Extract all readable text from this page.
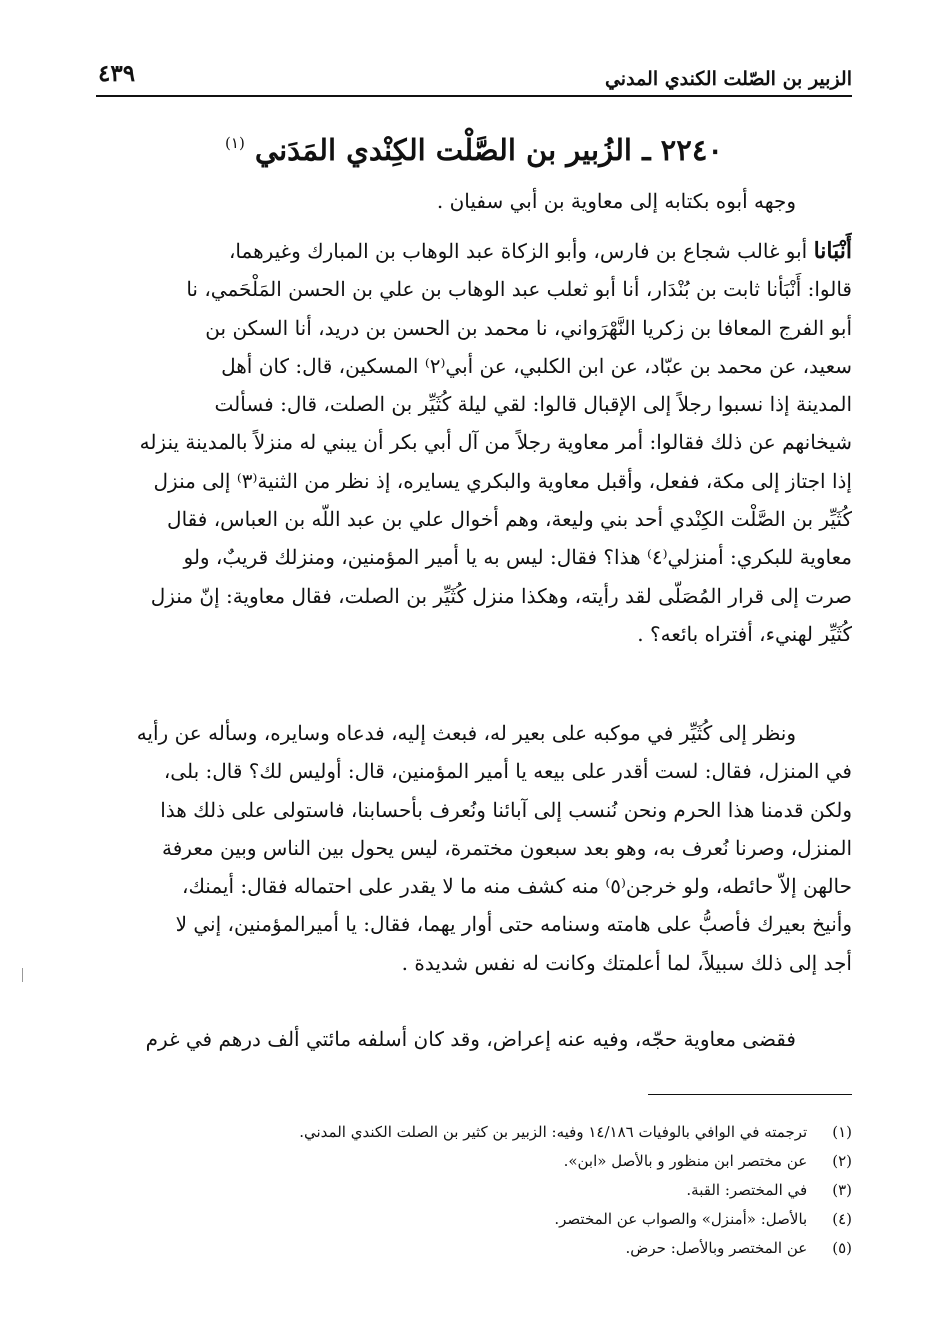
الزبير بن الصّلت الكندي المدني
٤٣٩
٢٢٤٠ ـ الزُبير بن الصَّلْت الكِنْدي المَدَني $^{(١)}$
وجهه أبوه بكتابه إلى معاوية بن أبي سفيان .
أَنْبَانا أبو غالب شجاع بن فارس، وأبو الزكاة عبد الوهاب بن المبارك وغيرهما،
قالوا: أَنْبَأنا ثابت بن بُنْدَار، أنا أبو ثعلب عبد الوهاب بن علي بن الحسن المَلْحَمي، نا
أبو الفرج المعافا بن زكريا النَّهْرَواني، نا محمد بن الحسن بن دريد، أنا السكن بن
سعيد، عن محمد بن عبّاد، عن ابن الكلبي، عن أبي⁽٢⁾ المسكين، قال: كان أهل
المدينة إذا نسبوا رجلاً إلى الإقبال قالوا: لقي ليلة كُثَيِّر بن الصلت، قال: فسألت
شيخانهم عن ذلك فقالوا: أمر معاوية رجلاً من آل أبي بكر أن يبني له منزلاً بالمدينة ينزله
إذا اجتاز إلى مكة، ففعل، وأقبل معاوية والبكري يسايره، إذ نظر من الثنية⁽٣⁾ إلى منزل
كُثَيِّر بن الصَّلْت الكِنْدي أحد بني وليعة، وهم أخوال علي بن عبد اللّه بن العباس، فقال
معاوية للبكري: أمنزلي⁽٤⁾ هذا؟ فقال: ليس به يا أمير المؤمنين، ومنزلك قريبٌ، ولو
صرت إلى قرار المُصَلّى لقد رأيته، وهكذا منزل كُثَيِّر بن الصلت، فقال معاوية: إنّ منزل
كُثَيِّر لهنيء، أفتراه بائعه؟ .
ونظر إلى كُثَيِّر في موكبه على بعير له، فبعث إليه، فدعاه وسايره، وسأله عن رأيه
في المنزل، فقال: لست أقدر على بيعه يا أمير المؤمنين، قال: أوليس لك؟ قال: بلى،
ولكن قدمنا هذا الحرم ونحن نُنسب إلى آبائنا ونُعرف بأحسابنا، فاستولى على ذلك هذا
المنزل، وصرنا نُعرف به، وهو بعد سبعون مختمرة، ليس يحول بين الناس وبين معرفة
حالهن إلاّ حائطه، ولو خرجن⁽٥⁾ منه كشف منه ما لا يقدر على احتماله فقال: أيمنك،
وأنيخ بعيرك فأصبُّ على هامته وسنامه حتى أوار يهما، فقال: يا أميرالمؤمنين، إني لا
أجد إلى ذلك سبيلاً، لما أعلمتك وكانت له نفس شديدة .
فقضى معاوية حجّه، وفيه عنه إعراض، وقد كان أسلفه مائتي ألف درهم في غرم
(١) ترجمته في الوافي بالوفيات ١٤/١٨٦ وفيه: الزبير بن كثير بن الصلت الكندي المدني.
(٢) عن مختصر ابن منظور و بالأصل «ابن».
(٣) في المختصر: القبة.
(٤) بالأصل: «أمنزل» والصواب عن المختصر.
(٥) عن المختصر وبالأصل: حرض.
